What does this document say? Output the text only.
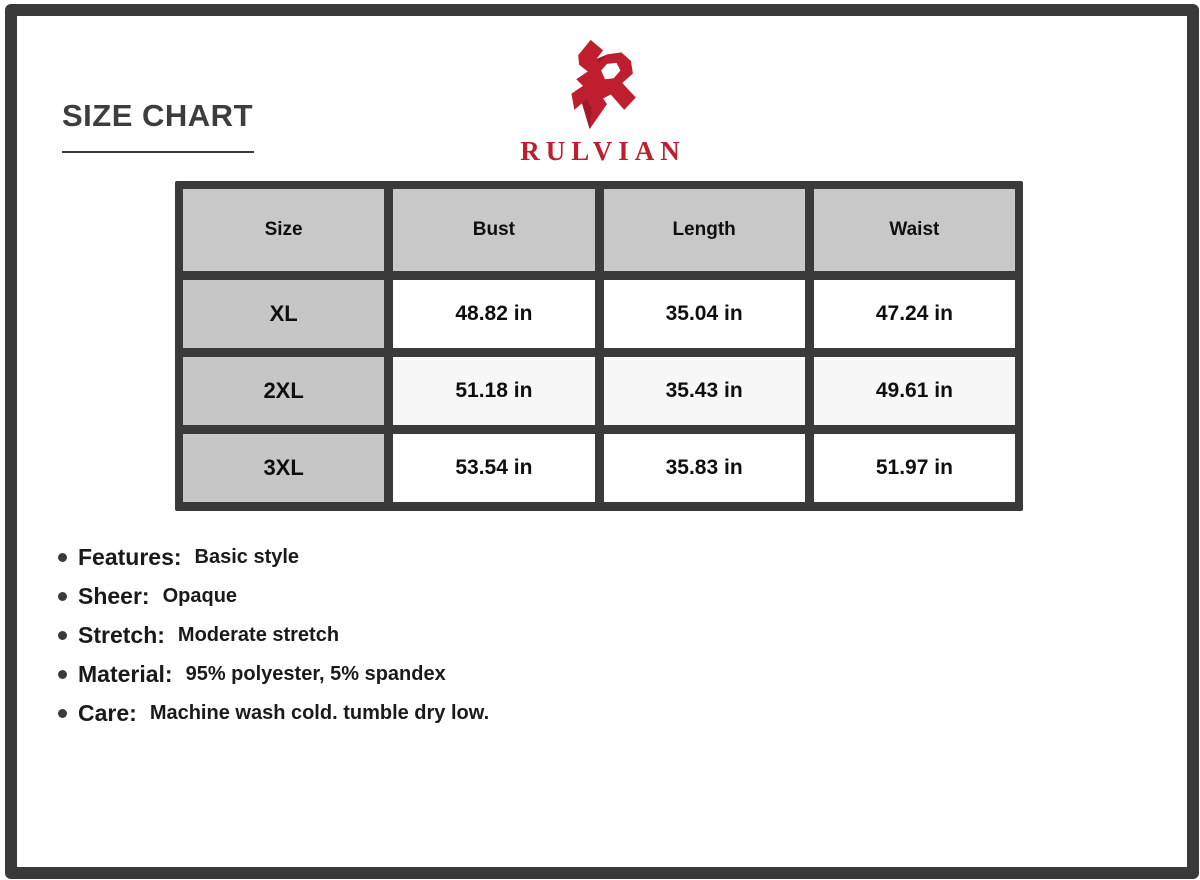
SIZE CHART
RULVIAN
Size	Bust	Length	Waist
XL	48.82 in	35.04 in	47.24 in
2XL	51.18 in	35.43 in	49.61 in
3XL	53.54 in	35.83 in	51.97 in
Features: Basic style
Sheer: Opaque
Stretch: Moderate stretch
Material: 95% polyester, 5% spandex
Care: Machine wash cold. tumble dry low.
